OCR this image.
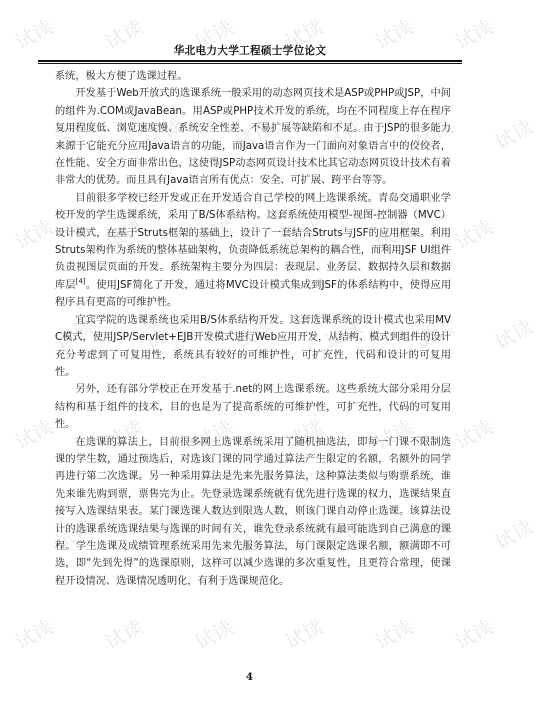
试读 试读 试读 试读 试读 试读
试读 试读 试读 试读 试读 试读
试读 试读 试读 试读 试读 试读
试读 试读 试读 试读 试读 试读
试读 试读 试读 试读 试读 试读
试读 试读 试读 试读 试读 试读
试读 试读 试读 试读 试读 试读
华北电力大学工程硕士学位论文

系统，极大方便了选课过程。

开发基于Web开放式的选课系统一般采用的动态网页技术是ASP或PHP或JSP，中间的组件为.COM或JavaBean。用ASP或PHP技术开发的系统，均在不同程度上存在程序复用程度低、浏览速度慢、系统安全性差、不易扩展等缺陷和不足。由于JSP的很多能力来源于它能充分应用Java语言的功能，而Java语言作为一门面向对象语言中的佼佼者，在性能、安全方面非常出色，这使得JSP动态网页设计技术比其它动态网页设计技术有着非常大的优势。而且具有Java语言所有优点：安全、可扩展、跨平台等等。

目前很多学校已经开发或正在开发适合自己学校的网上选课系统。青岛交通职业学校开发的学生选课系统，采用了B/S体系结构。这套系统使用模型-视图-控制器（MVC）设计模式，在基于Struts框架的基础上，设计了一套结合Struts与JSF的应用框架。利用Struts架构作为系统的整体基础架构，负责降低系统总架构的耦合性，而利用JSF UI组件负责视图层页面的开发。系统架构主要分为四层：表现层、业务层、数据持久层和数据库层[4]。使用JSF简化了开发，通过将MVC设计模式集成到JSF的体系结构中，使得应用程序具有更高的可维护性。

宜宾学院的选课系统也采用B/S体系结构开发。这套选课系统的设计模式也采用MVC模式，使用JSP/Servlet+EJB开发模式进行Web应用开发，从结构、模式到组件的设计充分考虑到了可复用性，系统具有较好的可维护性，可扩充性，代码和设计的可复用性。

另外，还有部分学校正在开发基于.net的网上选课系统。这些系统大部分采用分层结构和基于组件的技术，目的也是为了提高系统的可维护性，可扩充性，代码的可复用性。

在选课的算法上，目前很多网上选课系统采用了随机抽选法，即每一门课不限制选课的学生数，通过预选后，对选该门课的同学通过算法产生限定的名额，名额外的同学再进行第二次选课。另一种采用算法是先来先服务算法，这种算法类似与购票系统，谁先来谁先购到票，票售完为止。先登录选课系统就有优先进行选课的权力，选课结果直接写入选课结果表。某门课选课人数达到限选人数，则该门课自动停止选课。该算法设计的选课系统选课结果与选课的时间有关，谁先登录系统就有最可能选到自己满意的课程。学生选课及成绩管理系统采用先来先服务算法，每门课限定选课名额，额满即不可选，即“先到先得”的选课原则，这样可以减少选课的多次重复性，且更符合常理，使课程开设情况、选课情况透明化，有利于选课规范化。

4
